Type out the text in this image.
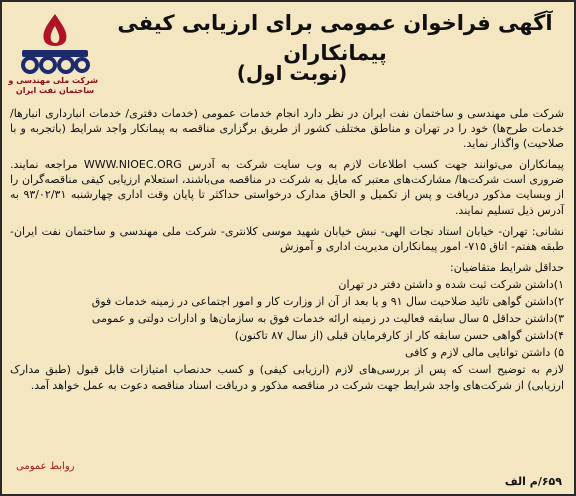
شرکت ملی مهندسی و
ساختمان نفت ایران
آگهی فراخوان عمومی برای ارزیابی کیفی پیمانکاران
(نوبت اول)

شرکت ملی مهندسی و ساختمان نفت ایران در نظر دارد انجام خدمات عمومی (خدمات دفتری/ خدمات انبارداری انبارها/ خدمات طرح‌ها) خود را در تهران و مناطق مختلف کشور از طریق برگزاری مناقصه به پیمانکار واجد شرایط (باتجربه و با صلاحیت) واگذار نماید.

پیمانکاران می‌توانند جهت کسب اطلاعات لازم به وب سایت شرکت به آدرس WWW.NIOEC.ORG مراجعه نمایند. ضروری است شرکت‌ها/ مشارکت‌های معتبر که مایل به شرکت در مناقصه می‌باشند، استعلام ارزیابی کیفی مناقصه‌گران را از وبسایت مذکور دریافت و پس از تکمیل و الحاق مدارک درخواستی حداکثر تا پایان وقت اداری چهارشنبه ۹۳/۰۲/۳۱ به آدرس ذیل تسلیم نمایند.

نشانی: تهران- خیابان استاد نجات الهی- نبش خیابان شهید موسی کلانتری- شرکت ملی مهندسی و ساختمان نفت ایران- طبقه هفتم- اتاق ۷۱۵- امور پیمانکاران مدیریت اداری و آموزش

حداقل شرایط متقاضیان:

۱)داشتن شرکت ثبت شده و داشتن دفتر در تهران

۲)داشتن گواهی تائید صلاحیت سال ۹۱ و یا بعد از آن از وزارت کار و امور اجتماعی در زمینه خدمات فوق

۳)داشتن حداقل ۵ سال سابقه فعالیت در زمینه ارائه خدمات فوق به سازمان‌ها و ادارات دولتی و عمومی

۴)داشتن گواهی حسن سابقه کار از کارفرمایان قبلی (از سال ۸۷ تاکنون)

۵) داشتن توانایی مالی لازم و کافی

لازم به توضیح است که پس از بررسی‌های لازم (ارزیابی کیفی) و کسب حدنصاب امتیازات قابل قبول (طبق مدارک ارزیابی) از شرکت‌های واجد شرایط جهت شرکت در مناقصه مذکور و دریافت اسناد مناقصه دعوت به عمل خواهد آمد.

روابط عمومی
۶۵۹/م الف
